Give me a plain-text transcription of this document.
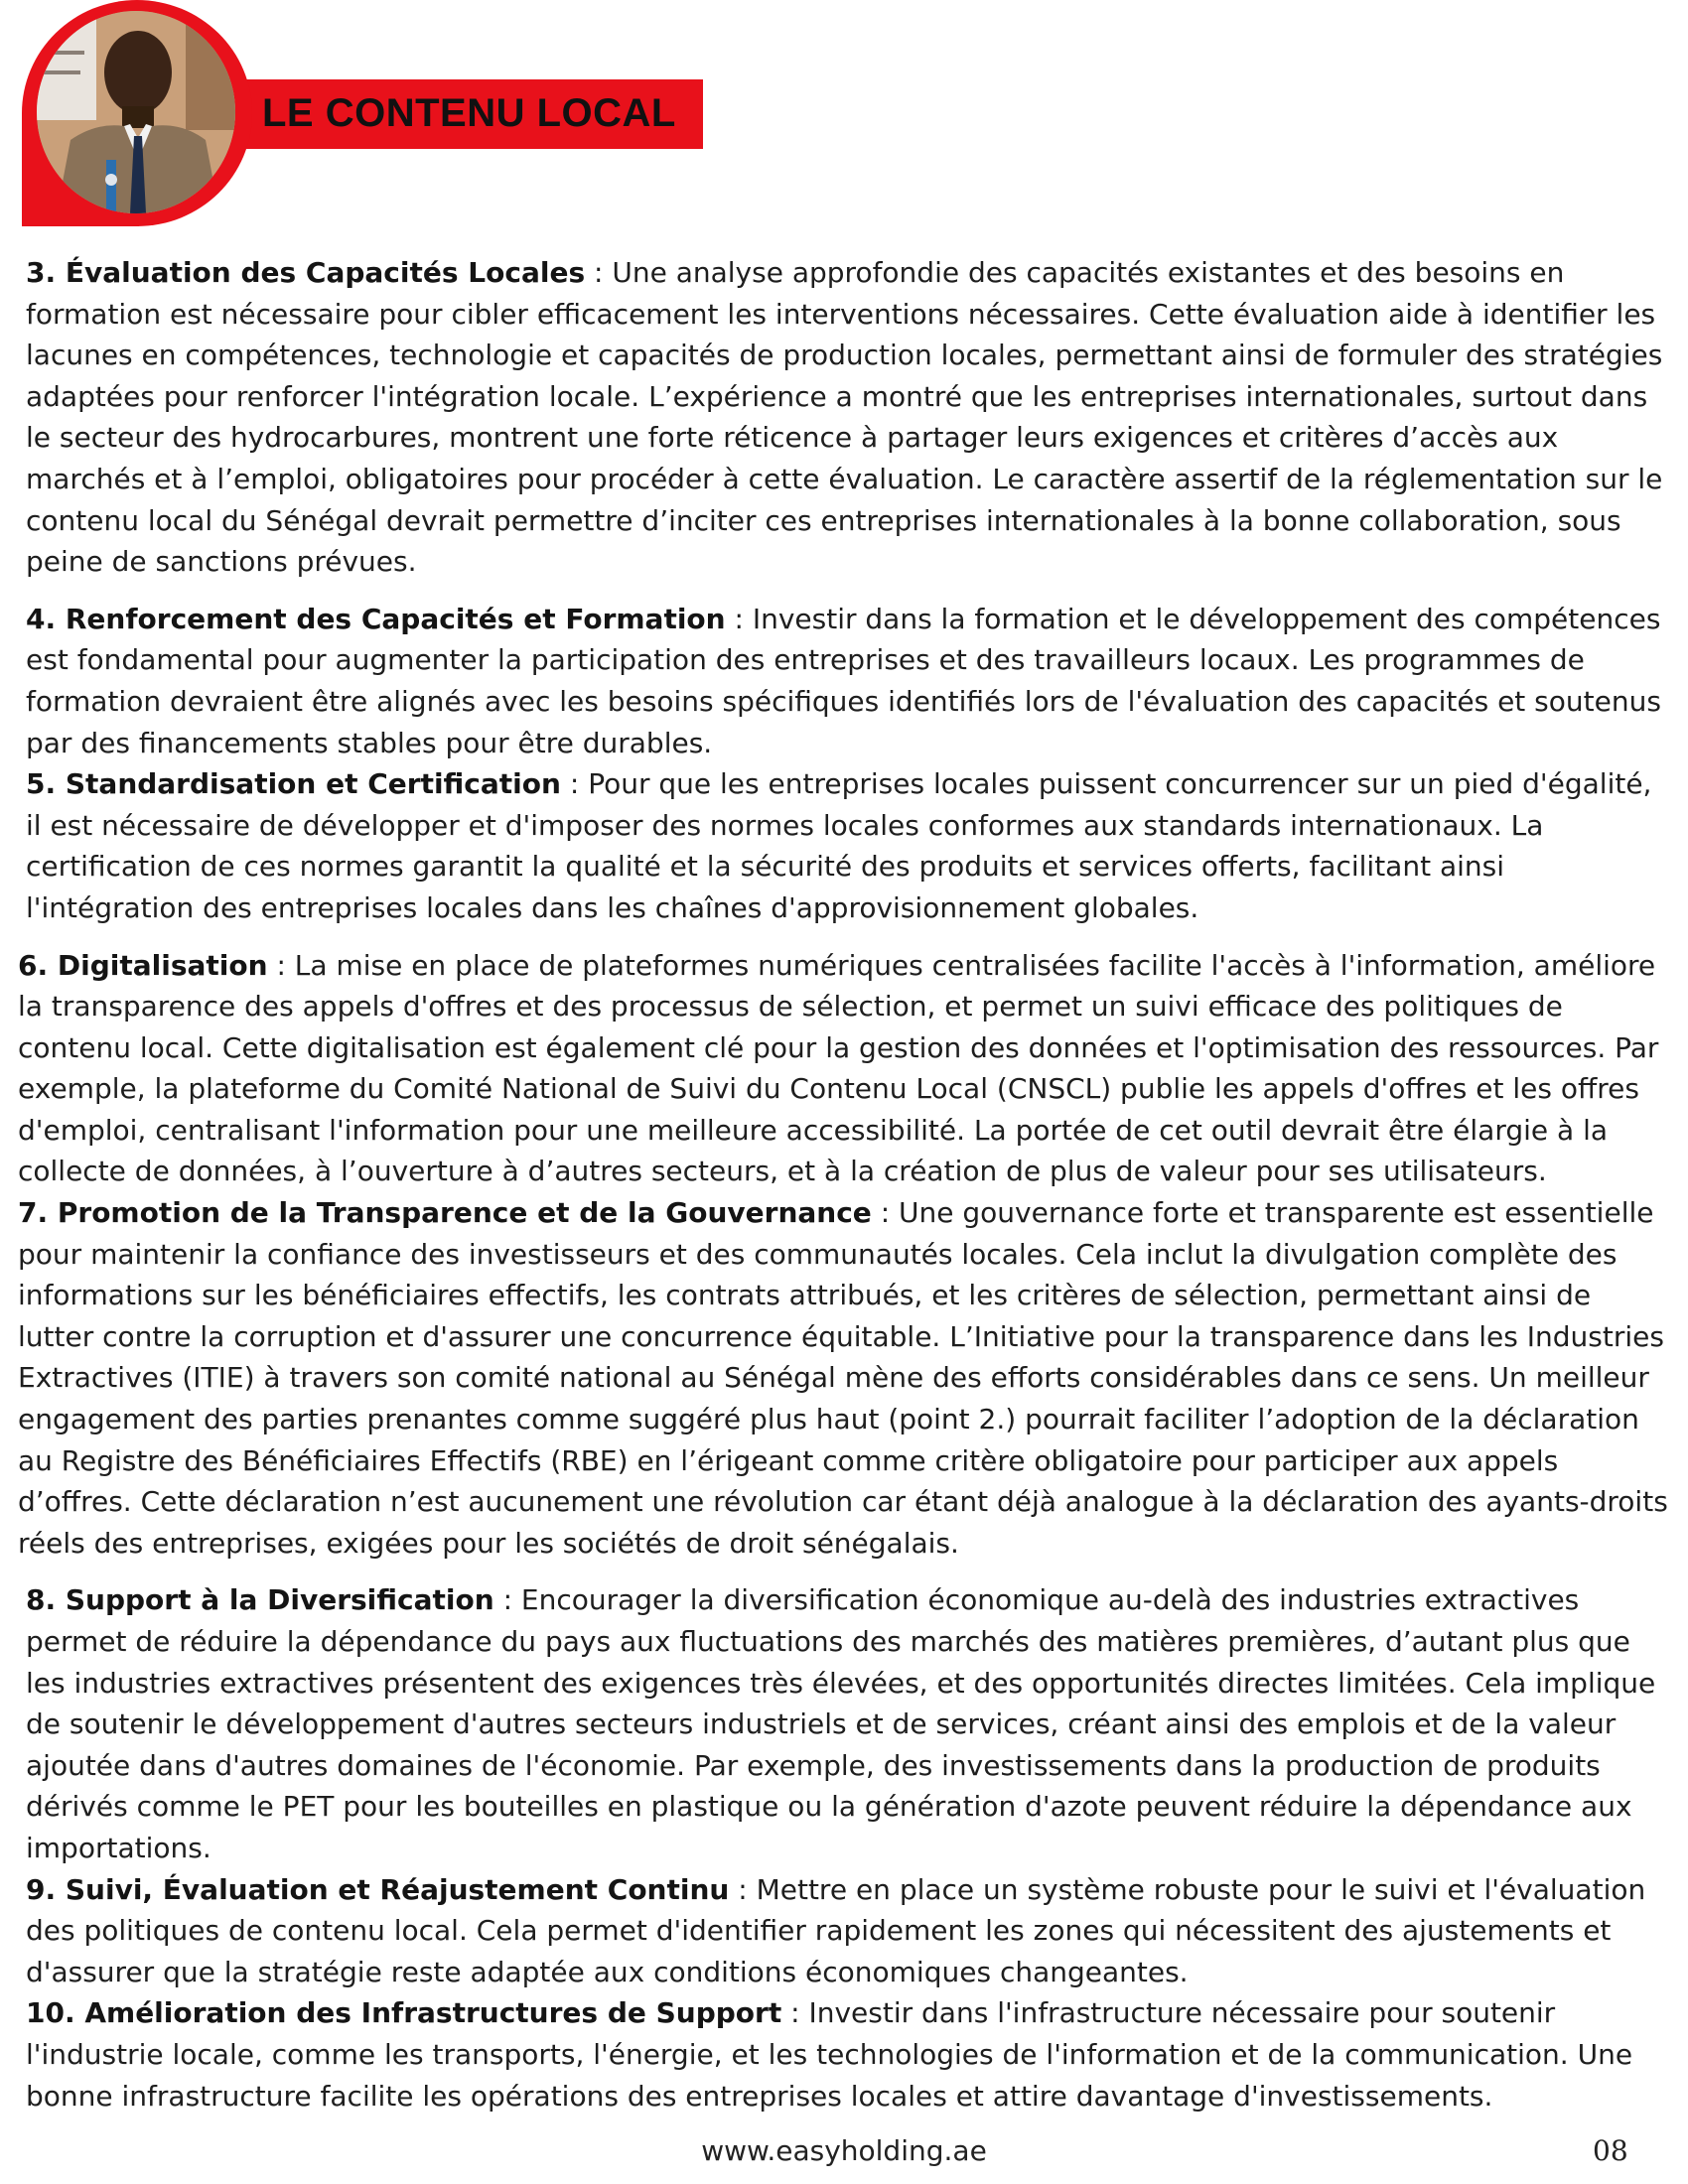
LE CONTENU LOCAL

3. Évaluation des Capacités Locales : Une analyse approfondie des capacités existantes et des besoins en formation est nécessaire pour cibler efficacement les interventions nécessaires. Cette évaluation aide à identifier les lacunes en compétences, technologie et capacités de production locales, permettant ainsi de formuler des stratégies adaptées pour renforcer l'intégration locale. L’expérience a montré que les entreprises internationales, surtout dans le secteur des hydrocarbures, montrent une forte réticence à partager leurs exigences et critères d’accès aux marchés et à l’emploi, obligatoires pour procéder à cette évaluation. Le caractère assertif de la réglementation sur le contenu local du Sénégal devrait permettre d’inciter ces entreprises internationales à la bonne collaboration, sous peine de sanctions prévues.

4. Renforcement des Capacités et Formation : Investir dans la formation et le développement des compétences est fondamental pour augmenter la participation des entreprises et des travailleurs locaux. Les programmes de formation devraient être alignés avec les besoins spécifiques identifiés lors de l'évaluation des capacités et soutenus par des financements stables pour être durables.

5. Standardisation et Certification : Pour que les entreprises locales puissent concurrencer sur un pied d'égalité, il est nécessaire de développer et d'imposer des normes locales conformes aux standards internationaux. La certification de ces normes garantit la qualité et la sécurité des produits et services offerts, facilitant ainsi l'intégration des entreprises locales dans les chaînes d'approvisionnement globales.

6. Digitalisation : La mise en place de plateformes numériques centralisées facilite l'accès à l'information, améliore la transparence des appels d'offres et des processus de sélection, et permet un suivi efficace des politiques de contenu local. Cette digitalisation est également clé pour la gestion des données et l'optimisation des ressources. Par exemple, la plateforme du Comité National de Suivi du Contenu Local (CNSCL) publie les appels d'offres et les offres d'emploi, centralisant l'information pour une meilleure accessibilité. La portée de cet outil devrait être élargie à la collecte de données, à l’ouverture à d’autres secteurs, et à la création de plus de valeur pour ses utilisateurs.

7. Promotion de la Transparence et de la Gouvernance : Une gouvernance forte et transparente est essentielle pour maintenir la confiance des investisseurs et des communautés locales. Cela inclut la divulgation complète des informations sur les bénéficiaires effectifs, les contrats attribués, et les critères de sélection, permettant ainsi de lutter contre la corruption et d'assurer une concurrence équitable. L’Initiative pour la transparence dans les Industries Extractives (ITIE) à travers son comité national au Sénégal mène des efforts considérables dans ce sens. Un meilleur engagement des parties prenantes comme suggéré plus haut (point 2.) pourrait faciliter l’adoption de la déclaration au Registre des Bénéficiaires Effectifs (RBE) en l’érigeant comme critère obligatoire pour participer aux appels d’offres. Cette déclaration n’est aucunement une révolution car étant déjà analogue à la déclaration des ayants-droits réels des entreprises, exigées pour les sociétés de droit sénégalais.

8. Support à la Diversification : Encourager la diversification économique au-delà des industries extractives permet de réduire la dépendance du pays aux fluctuations des marchés des matières premières, d’autant plus que les industries extractives présentent des exigences très élevées, et des opportunités directes limitées. Cela implique de soutenir le développement d'autres secteurs industriels et de services, créant ainsi des emplois et de la valeur ajoutée dans d'autres domaines de l'économie. Par exemple, des investissements dans la production de produits dérivés comme le PET pour les bouteilles en plastique ou la génération d'azote peuvent réduire la dépendance aux importations.

9. Suivi, Évaluation et Réajustement Continu : Mettre en place un système robuste pour le suivi et l'évaluation des politiques de contenu local. Cela permet d'identifier rapidement les zones qui nécessitent des ajustements et d'assurer que la stratégie reste adaptée aux conditions économiques changeantes.

10. Amélioration des Infrastructures de Support : Investir dans l'infrastructure nécessaire pour soutenir l'industrie locale, comme les transports, l'énergie, et les technologies de l'information et de la communication. Une bonne infrastructure facilite les opérations des entreprises locales et attire davantage d'investissements.

www.easyholding.ae	08
